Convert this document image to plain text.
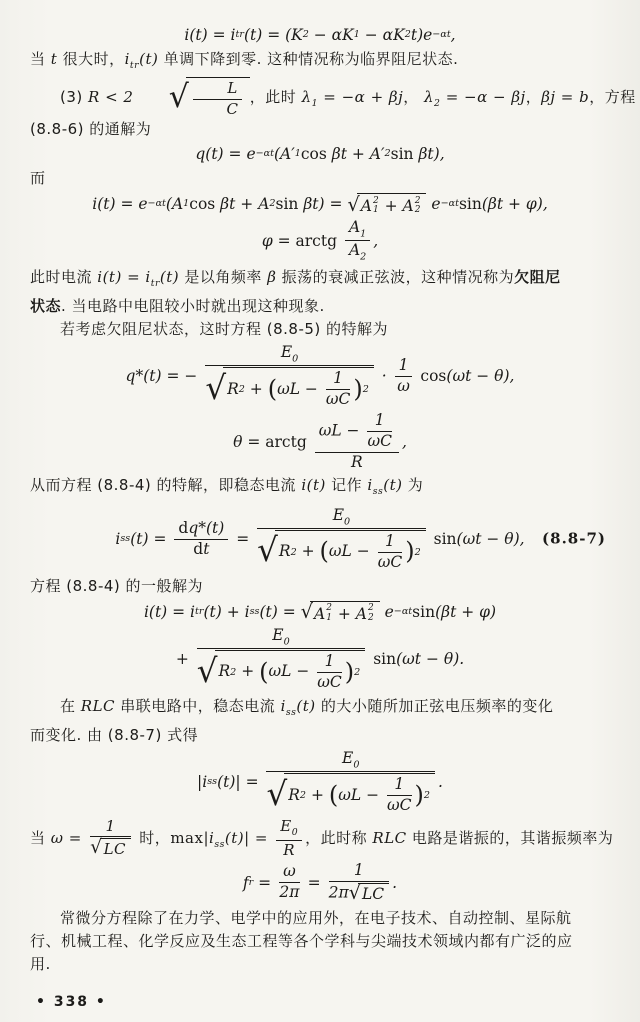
i(t) = i tr (t) = (K 2 − αK 1 − αK 2 t)e −αt ,
当 t 很大时，$i_{tr}(t)$ 单调下降到零. 这种情况称为临界阻尼状态.
(3) R < 2 √ $\frac{L}{C}$ ，此时 $\lambda_1 = -\alpha + \beta j$， $\lambda_2 = -\alpha - \beta j$，βj = b，方程
(8.8-6) 的通解为
q(t) = e −αt (A′ 1 cos βt + A′ 2 sin βt),
而
i(t) = e −αt (A 1 cos βt + A 2 sin βt) = √ A 2
1 + A 2
2 e −αt sin (βt + φ),
φ = arctg $\frac{A_1}{A_2}$ ,
此时电流 $i(t) = i_{tr}(t)$ 是以角频率 β 振荡的衰减正弦波，这种情况称为欠阻尼
状态. 当电路中电阻较小时就出现这种现象.
若考虑欠阻尼状态，这时方程 (8.8-5) 的特解为
q*(t) = − $\frac{E_0}{√ R 2 + ( \omega L - \frac{1}{\omega C} ) 2} \cdot \frac{1}{\omega}$
cos (ωt − θ),
θ = arctg $\frac{\omega L - \frac{1}{\omega C}}{R}$ ,
从而方程 (8.8-4) 的特解，即稳态电流 i(t) 记作 $i_{ss}(t)$ 为
i ss $(t) = \frac{dq*(t)}{dt} = \frac{E_0}{√ R 2 + ( \omega L - \frac{1}{\omega C} ) 2}$
sin (ωt − θ), (8.8-7)
方程 (8.8-4) 的一般解为
i(t) = i tr (t) + i ss (t) = √ A 2
1 + A 2
2 e −αt sin (βt + φ)
+ $\frac{E_0}{√ R 2 + ( \omega L - \frac{1}{\omega C} ) 2}$
sin (ωt − θ).
在 RLC 串联电路中，稳态电流 $i_{ss}(t)$ 的大小随所加正弦电压频率的变化
而变化. 由 (8.8-7) 式得
|i ss $(t)| = \frac{E_0}{√ R 2 + ( \omega L - \frac{1}{\omega C} ) 2}$ .
当 $\omega = \frac{1}{√ LC}$ 时，$\max|i_{ss}(t)| = \frac{E_0}{R}$ ，此时称 RLC 电路是谐振的，其谐振频率为
f $r = \frac{\omega}{2\pi} = \frac{1}{2\pi √ LC}$ .
常微分方程除了在力学、电学中的应用外，在电子技术、自动控制、星际航
行、机械工程、化学反应及生态工程等各个学科与尖端技术领域内都有广泛的应
用.
• 338 •
